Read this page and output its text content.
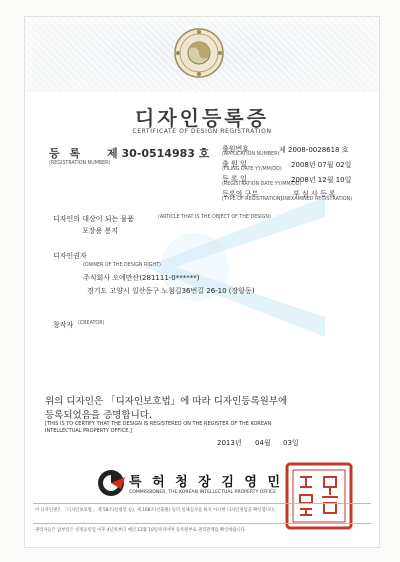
디자인등록증
CERTIFICATE OF DESIGN REGISTRATION
등 록 제 30-0514983 호
(REGISTRATION NUMBER)
출원번호
(APPLICATION NUMBER)
제 2008-0028618 호
출 원 일
(FILING DATE:YY/MM/DD)
2008년 07월 02일
등 록 일
(REGISTRATION DATE:YY/MM/DD)
2008년 12월 10일
등록의 구분
(TYPE OF REGISTRATION)
부 심 사 등 록
(UNEXAMINED REGISTRATION)
디자인의 대상이 되는 물품	(ARTICLE THAT IS THE OBJECT OF THE DESIGN)
포장용 봉지
디자인권자
(OWNER OF THE DESIGN RIGHT)
주식회사 오에만산(281111-0******)
경기도 고양시 일산동구 노첨길36번길 26-10 (장항동)
창작자 (CREATOR)
위의 디자인은 「디자인보호법」에 따라 디자인등록원부에
등록되었음을 증명합니다.
[THIS IS TO CERTIFY THAT THE DESIGN IS REGISTERED ON THE REGISTER OF THE KOREAN
INTELLECTUAL PROPERTY OFFICE.]
2013년 04월 03일
특 허 청 장 김 영 민
COMMISSIONER, THE KOREAN INTELLECTUAL PROPERTY OFFICE
이 디자인권은 「디자인보호법」 제 58조(신청일 등), 제 168조(신출원) 등의 실체심사를 하지 아니한 디자인권임을 확인합니다.
권리자들은 납부일은 설정등록일 이후 4년차부터 매년 12월 10일까지이며 등록원부로 권리관계를 확인바랍니다.
